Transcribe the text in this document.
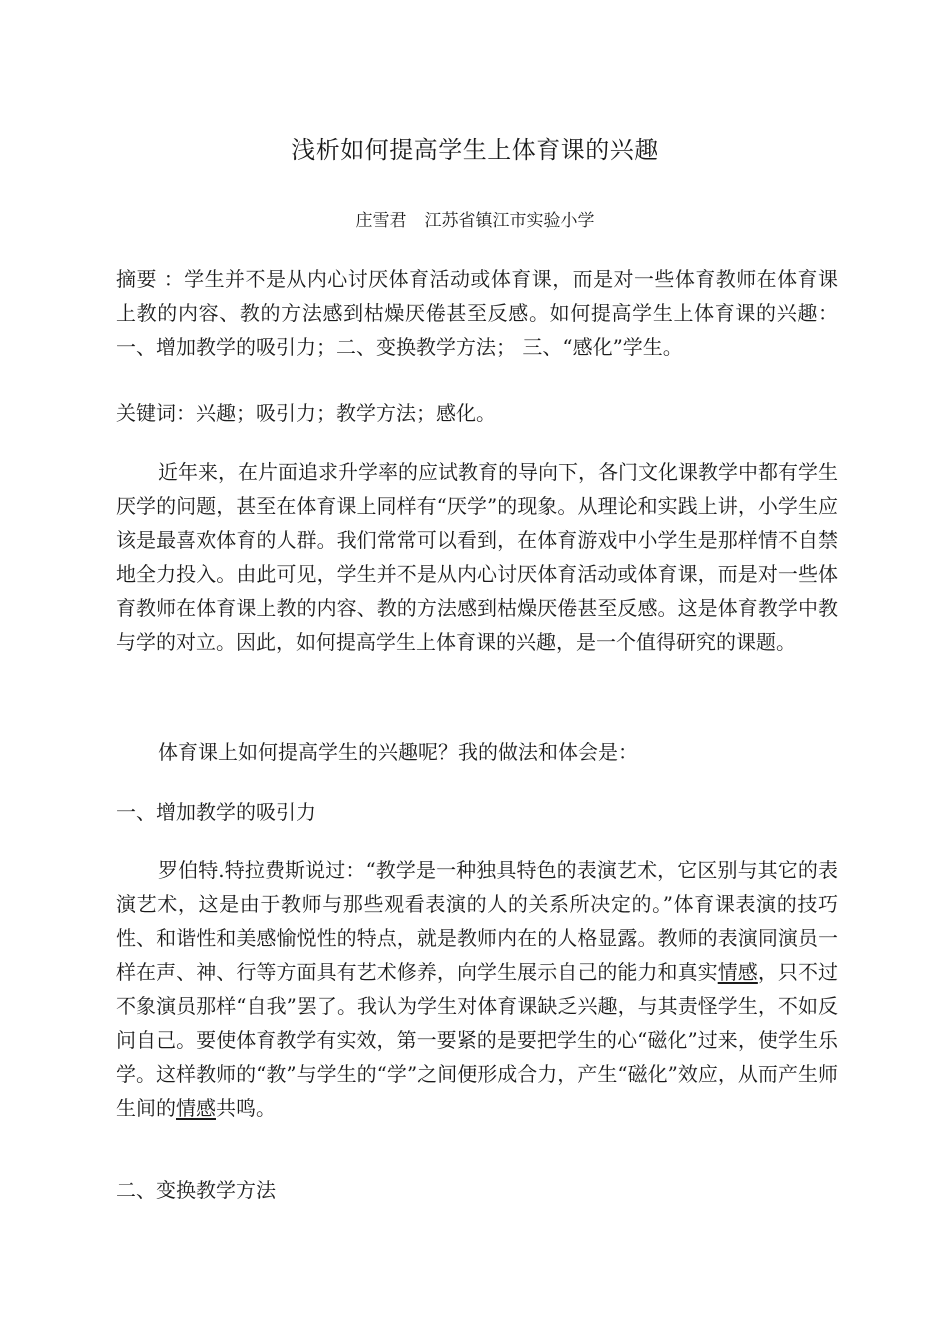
浅析如何提高学生上体育课的兴趣
庄雪君 江苏省镇江市实验小学
摘要 ：学生并不是从内心讨厌体育活动或体育课，而是对一些体育教师在体育课上教的内容、教的方法感到枯燥厌倦甚至反感。如何提高学生上体育课的兴趣：一、增加教学的吸引力；二、变换教学方法； 三、“感化”学生。
关键词：兴趣；吸引力；教学方法；感化。
近年来，在片面追求升学率的应试教育的导向下，各门文化课教学中都有学生厌学的问题，甚至在体育课上同样有“厌学”的现象。从理论和实践上讲，小学生应该是最喜欢体育的人群。我们常常可以看到，在体育游戏中小学生是那样情不自禁地全力投入。由此可见，学生并不是从内心讨厌体育活动或体育课，而是对一些体育教师在体育课上教的内容、教的方法感到枯燥厌倦甚至反感。这是体育教学中教与学的对立。因此，如何提高学生上体育课的兴趣，是一个值得研究的课题。
体育课上如何提高学生的兴趣呢？我的做法和体会是：
一、增加教学的吸引力
罗伯特.特拉费斯说过：“教学是一种独具特色的表演艺术，它区别与其它的表演艺术，这是由于教师与那些观看表演的人的关系所决定的。”体育课表演的技巧性、和谐性和美感愉悦性的特点，就是教师内在的人格显露。教师的表演同演员一样在声、神、行等方面具有艺术修养，向学生展示自己的能力和真实情感，只不过不象演员那样“自我”罢了。我认为学生对体育课缺乏兴趣，与其责怪学生，不如反问自己。要使体育教学有实效，第一要紧的是要把学生的心“磁化”过来，使学生乐学。这样教师的“教”与学生的“学”之间便形成合力，产生“磁化”效应，从而产生师生间的情感共鸣。
二、变换教学方法
